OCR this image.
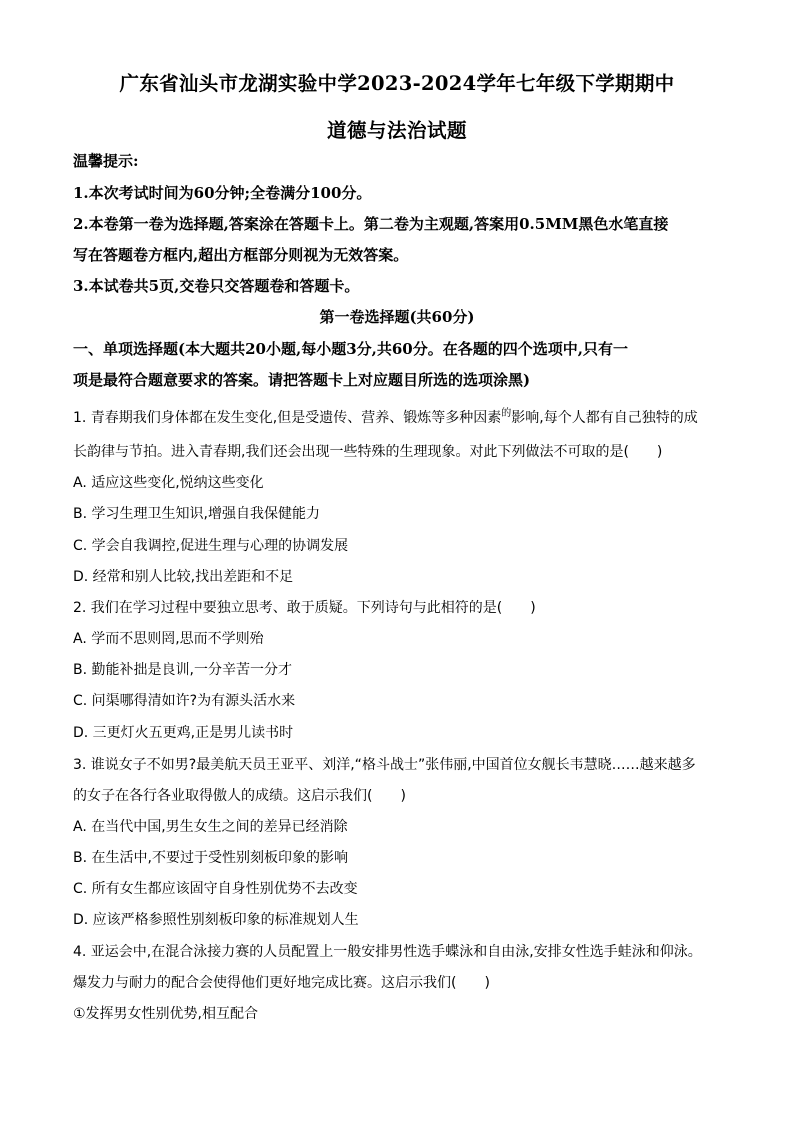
广东省汕头市龙湖实验中学2023-2024学年七年级下学期期中
道德与法治试题
温馨提示:
1.本次考试时间为60分钟;全卷满分100分。
2.本卷第一卷为选择题,答案涂在答题卡上。第二卷为主观题,答案用0.5MM黑色水笔直接
写在答题卷方框内,超出方框部分则视为无效答案。
3.本试卷共5页,交卷只交答题卷和答题卡。
第一卷选择题(共60分)
一、单项选择题(本大题共20小题,每小题3分,共60分。在各题的四个选项中,只有一
项是最符合题意要求的答案。请把答题卡上对应题目所选的选项涂黑)
1. 青春期我们身体都在发生变化,但是受遗传、营养、锻炼等多种因素$^的$影响,每个人都有自己独特的成
长韵律与节拍。进入青春期,我们还会出现一些特殊的生理现象。对此下列做法不可取的是(　　)
A. 适应这些变化,悦纳这些变化
B. 学习生理卫生知识,增强自我保健能力
C. 学会自我调控,促进生理与心理的协调发展
D. 经常和别人比较,找出差距和不足
2. 我们在学习过程中要独立思考、敢于质疑。下列诗句与此相符的是(　　)
A. 学而不思则罔,思而不学则殆
B. 勤能补拙是良训,一分辛苦一分才
C. 问渠哪得清如许?为有源头活水来
D. 三更灯火五更鸡,正是男儿读书时
3. 谁说女子不如男?最美航天员王亚平、刘洋,“格斗战士”张伟丽,中国首位女舰长韦慧晓……越来越多
的女子在各行各业取得傲人的成绩。这启示我们(　　)
A. 在当代中国,男生女生之间的差异已经消除
B. 在生活中,不要过于受性别刻板印象的影响
C. 所有女生都应该固守自身性别优势不去改变
D. 应该严格参照性别刻板印象的标准规划人生
4. 亚运会中,在混合泳接力赛的人员配置上一般安排男性选手蝶泳和自由泳,安排女性选手蛙泳和仰泳。
爆发力与耐力的配合会使得他们更好地完成比赛。这启示我们(　　)
①发挥男女性别优势,相互配合
